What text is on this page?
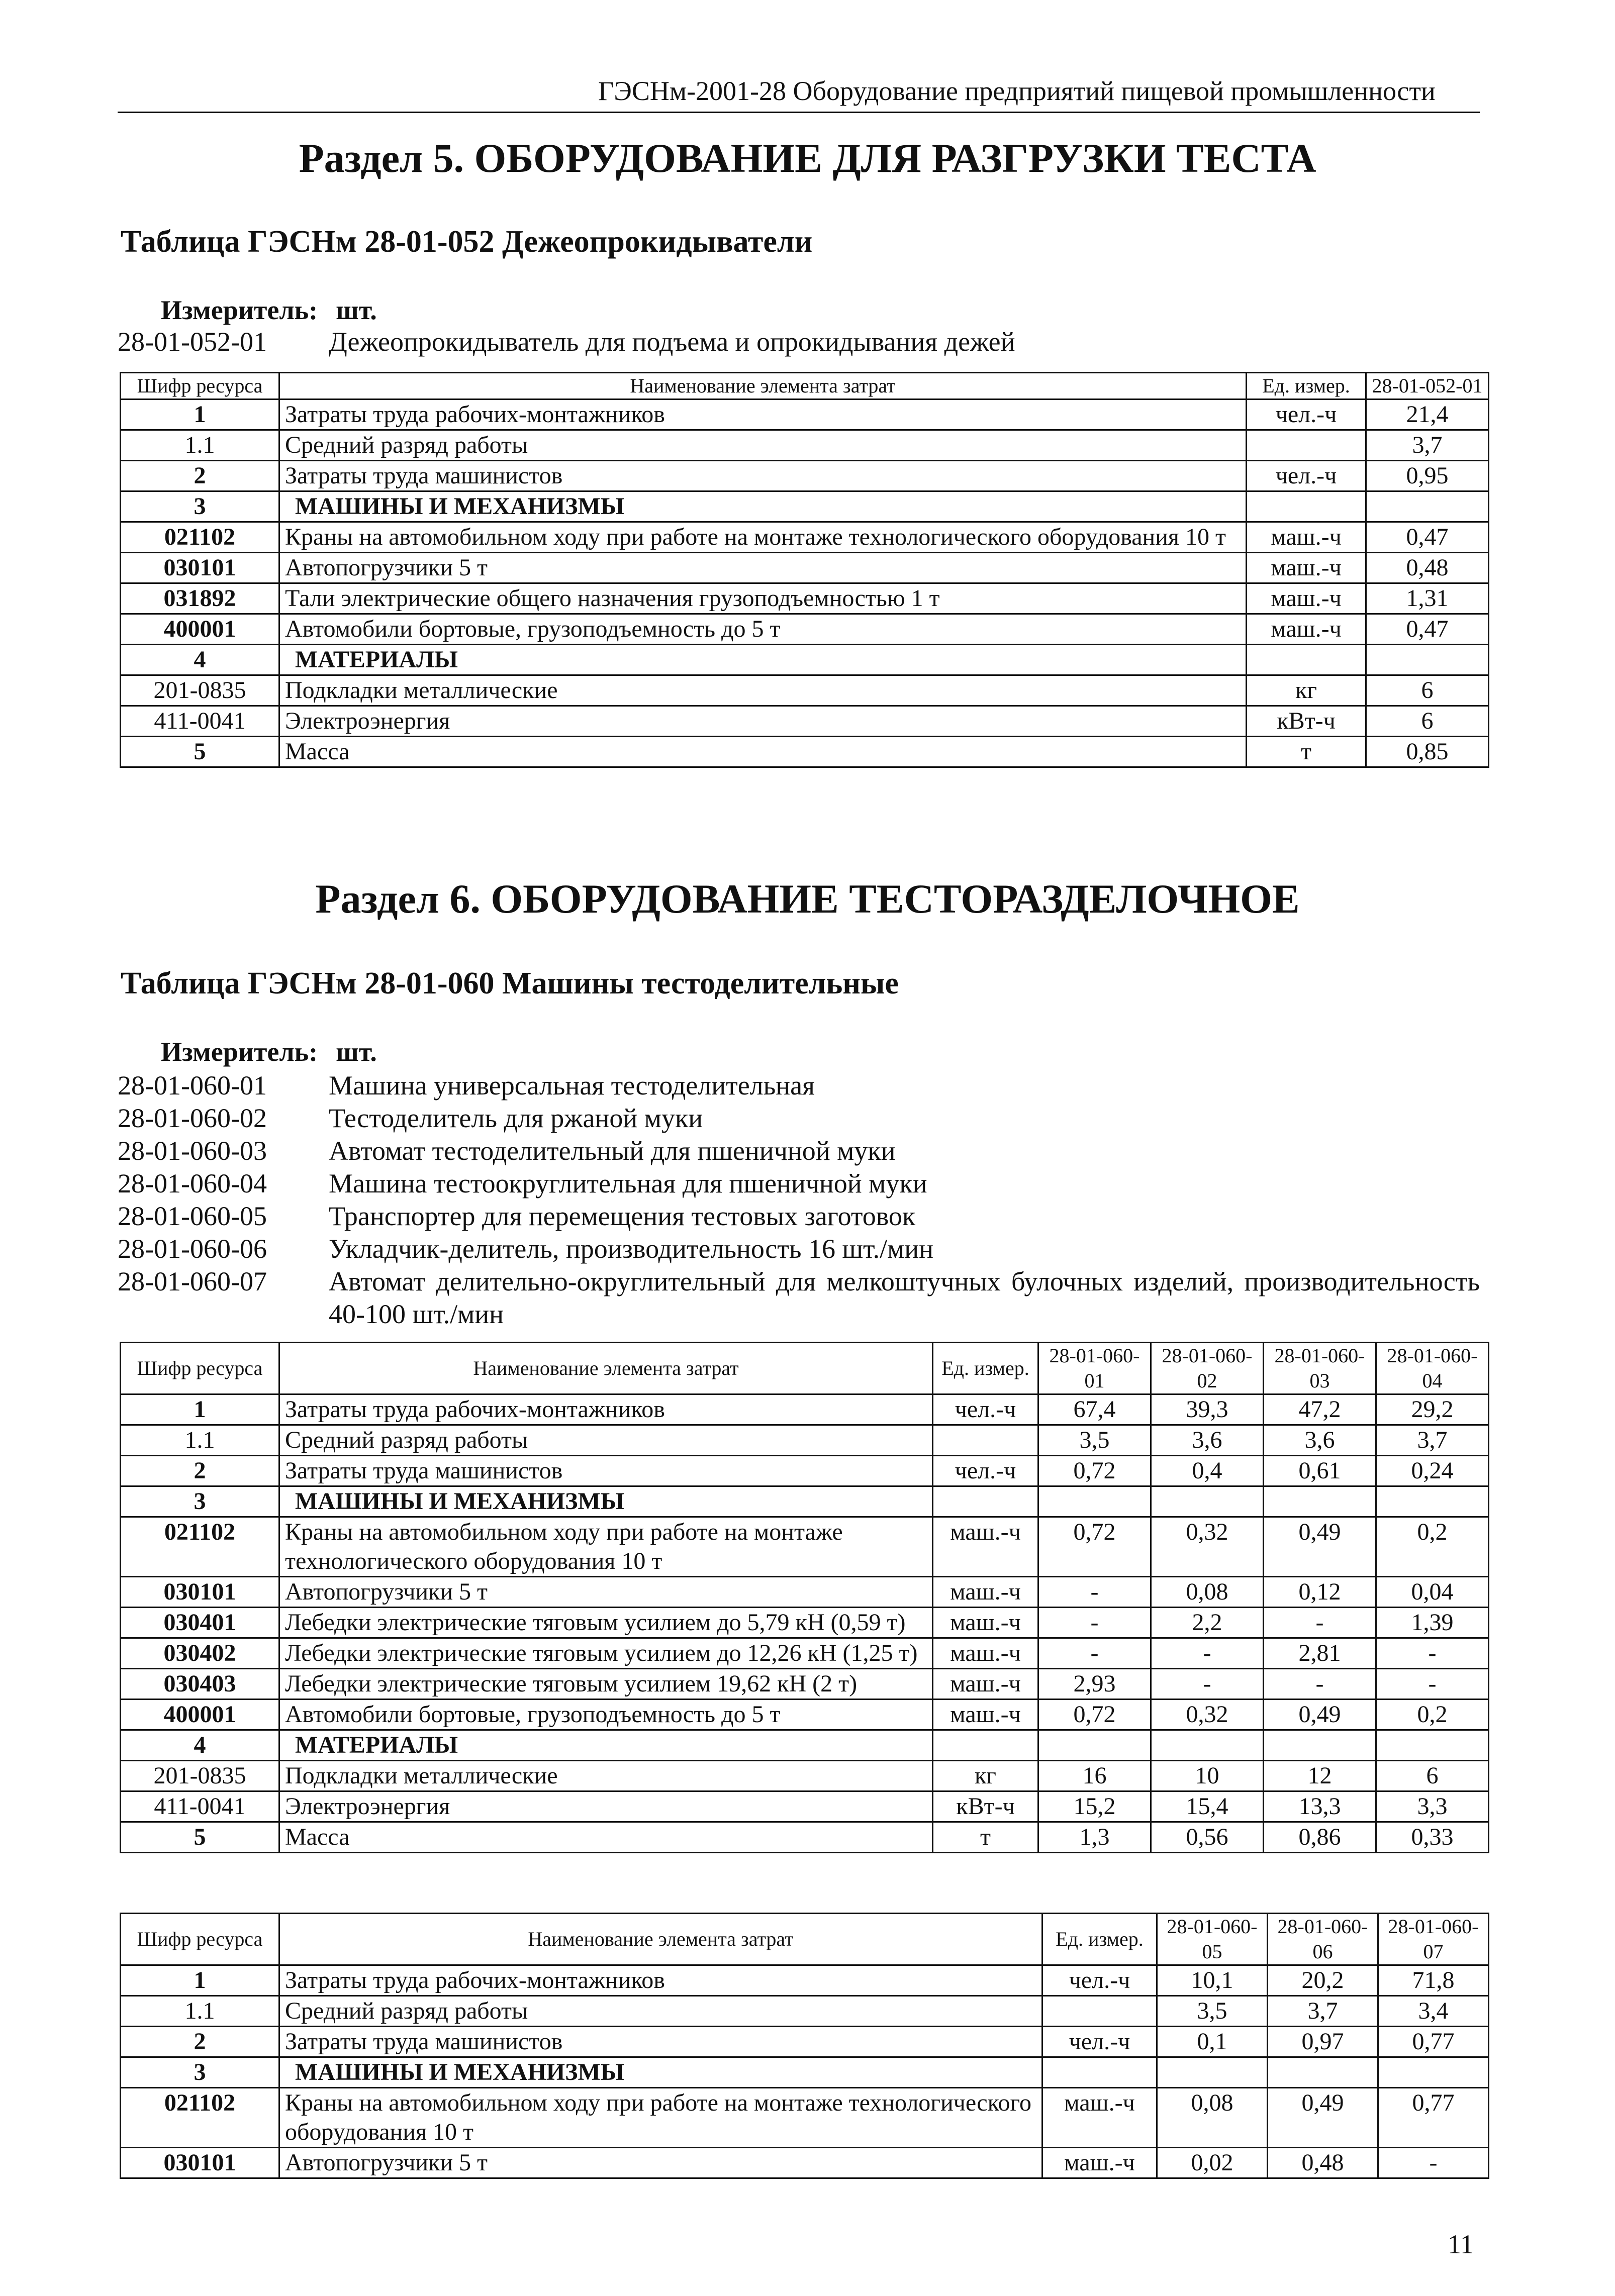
ГЭСНм-2001-28 Оборудование предприятий пищевой промышленности
Раздел 5. ОБОРУДОВАНИЕ ДЛЯ РАЗГРУЗКИ ТЕСТА
Таблица ГЭСНм 28-01-052 Дежеопрокидыватели
Измеритель: шт.
28-01-052-01	Дежеопрокидыватель для подъема и опрокидывания дежей
Шифр ресурса	Наименование элемента затрат	Ед. измер.	28-01-052-01
1	Затраты труда рабочих-монтажников	чел.-ч	21,4
1.1	Средний разряд работы		3,7
2	Затраты труда машинистов	чел.-ч	0,95
3	МАШИНЫ И МЕХАНИЗМЫ		
021102	Краны на автомобильном ходу при работе на монтаже технологического оборудования 10 т	маш.-ч	0,47
030101	Автопогрузчики 5 т	маш.-ч	0,48
031892	Тали электрические общего назначения грузоподъемностью 1 т	маш.-ч	1,31
400001	Автомобили бортовые, грузоподъемность до 5 т	маш.-ч	0,47
4	МАТЕРИАЛЫ		
201-0835	Подкладки металлические	кг	6
411-0041	Электроэнергия	кВт-ч	6
5	Масса	т	0,85
Раздел 6. ОБОРУДОВАНИЕ ТЕСТОРАЗДЕЛОЧНОЕ
Таблица ГЭСНм 28-01-060 Машины тестоделительные
Измеритель: шт.
28-01-060-01	Машина универсальная тестоделительная
28-01-060-02	Тестоделитель для ржаной муки
28-01-060-03	Автомат тестоделительный для пшеничной муки
28-01-060-04	Машина тестоокруглительная для пшеничной муки
28-01-060-05	Транспортер для перемещения тестовых заготовок
28-01-060-06	Укладчик-делитель, производительность 16 шт./мин
28-01-060-07	Автомат делительно-округлительный для мелкоштучных булочных изделий, производительность 40-100 шт./мин
Шифр ресурса	Наименование элемента затрат	Ед. измер.	28-01-060-01	28-01-060-02	28-01-060-03	28-01-060-04
1	Затраты труда рабочих-монтажников	чел.-ч	67,4	39,3	47,2	29,2
1.1	Средний разряд работы		3,5	3,6	3,6	3,7
2	Затраты труда машинистов	чел.-ч	0,72	0,4	0,61	0,24
3	МАШИНЫ И МЕХАНИЗМЫ					
021102	Краны на автомобильном ходу при работе на монтаже технологического оборудования 10 т	маш.-ч	0,72	0,32	0,49	0,2
030101	Автопогрузчики 5 т	маш.-ч	-	0,08	0,12	0,04
030401	Лебедки электрические тяговым усилием до 5,79 кН (0,59 т)	маш.-ч	-	2,2	-	1,39
030402	Лебедки электрические тяговым усилием до 12,26 кН (1,25 т)	маш.-ч	-	-	2,81	-
030403	Лебедки электрические тяговым усилием 19,62 кН (2 т)	маш.-ч	2,93	-	-	-
400001	Автомобили бортовые, грузоподъемность до 5 т	маш.-ч	0,72	0,32	0,49	0,2
4	МАТЕРИАЛЫ					
201-0835	Подкладки металлические	кг	16	10	12	6
411-0041	Электроэнергия	кВт-ч	15,2	15,4	13,3	3,3
5	Масса	т	1,3	0,56	0,86	0,33
Шифр ресурса	Наименование элемента затрат	Ед. измер.	28-01-060-05	28-01-060-06	28-01-060-07
1	Затраты труда рабочих-монтажников	чел.-ч	10,1	20,2	71,8
1.1	Средний разряд работы		3,5	3,7	3,4
2	Затраты труда машинистов	чел.-ч	0,1	0,97	0,77
3	МАШИНЫ И МЕХАНИЗМЫ				
021102	Краны на автомобильном ходу при работе на монтаже технологического оборудования 10 т	маш.-ч	0,08	0,49	0,77
030101	Автопогрузчики 5 т	маш.-ч	0,02	0,48	-
11
